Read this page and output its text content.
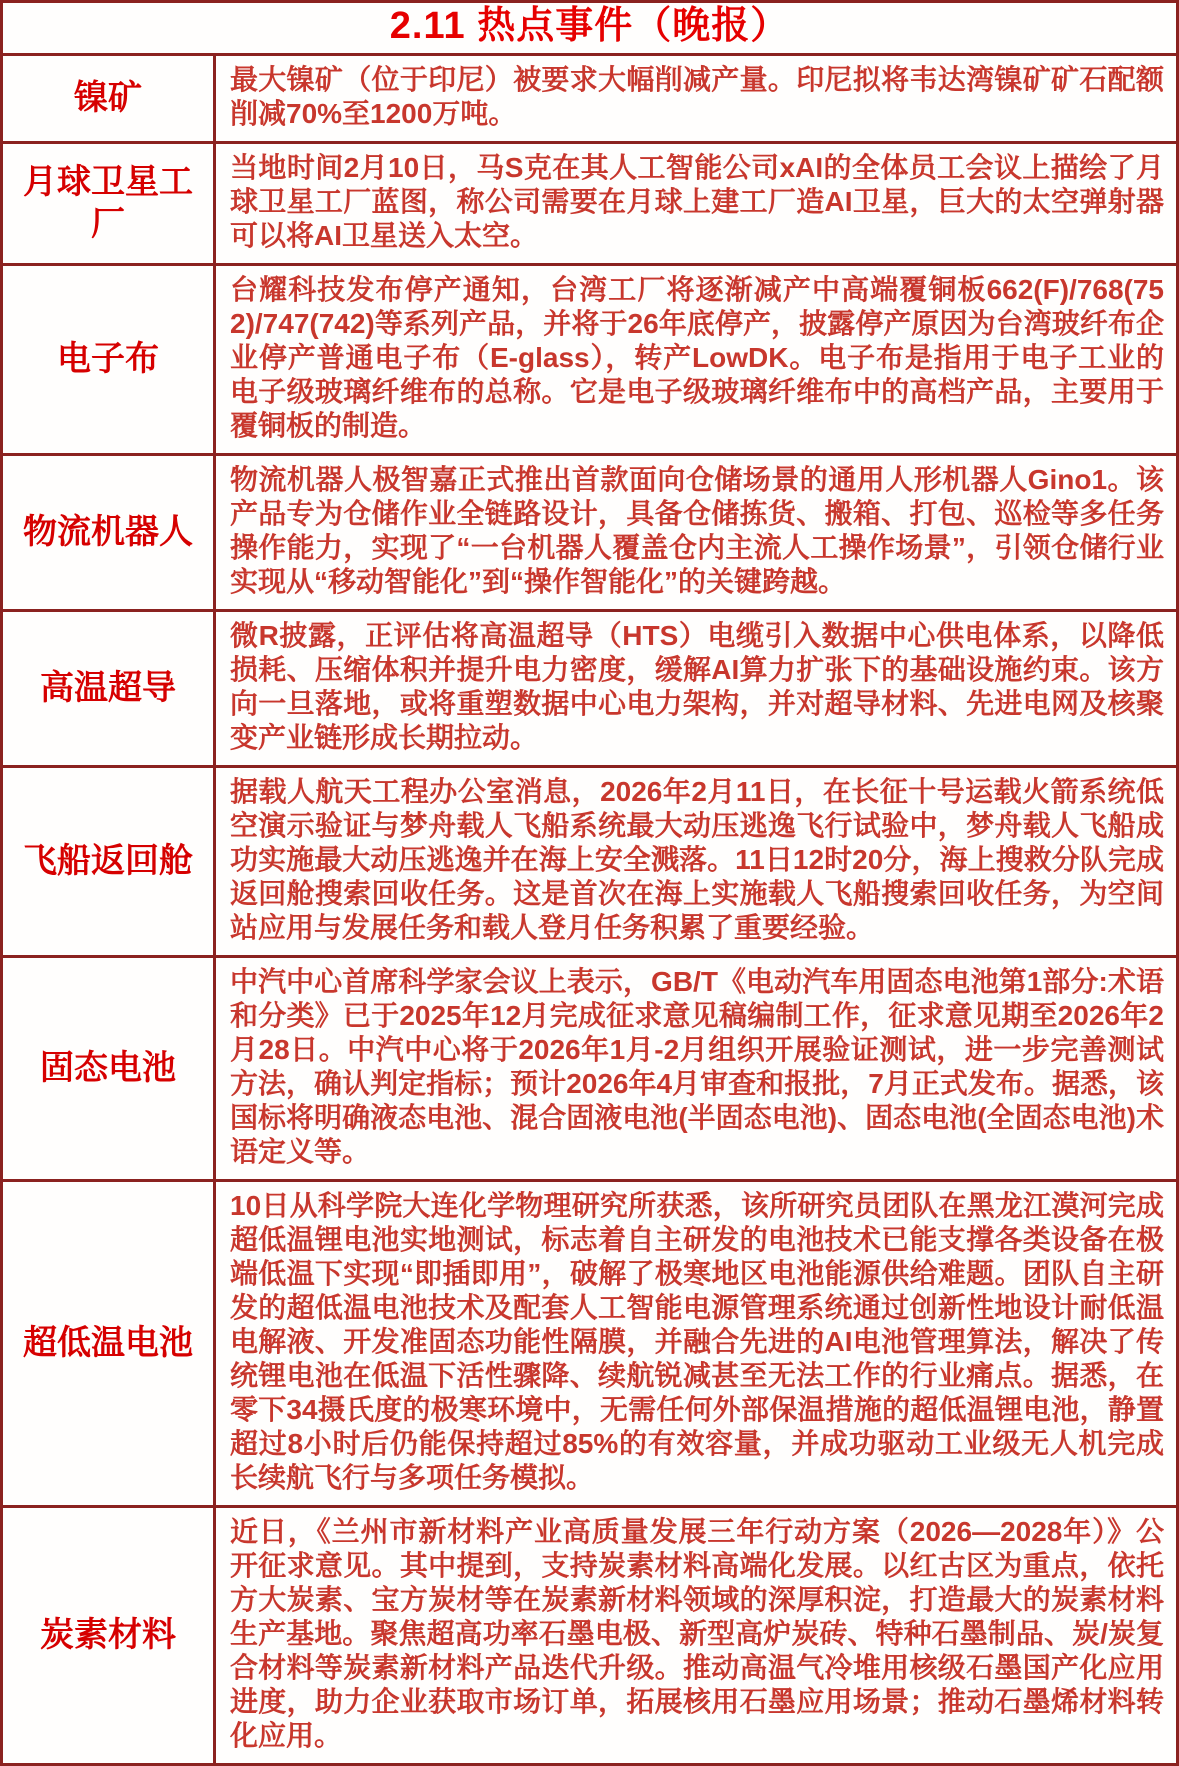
2.11 热点事件（晚报）
镍矿	最大镍矿（位于印尼）被要求大幅削减产量。印尼拟将韦达湾镍矿矿石配额削减70%至1200万吨。
月球卫星工厂
当地时间2月10日，马S克在其人工智能公司xAI的全体员工会议上描绘了月球卫星工厂蓝图，称公司需要在月球上建工厂造AI卫星，巨大的太空弹射器可以将AI卫星送入太空。
电子布
台耀科技发布停产通知，台湾工厂将逐渐减产中高端覆铜板662(F)/768(752)/747(742)等系列产品，并将于26年底停产，披露停产原因为台湾玻纤布企业停产普通电子布（E-glass），转产LowDK。电子布是指用于电子工业的电子级玻璃纤维布的总称。它是电子级玻璃纤维布中的高档产品，主要用于覆铜板的制造。
物流机器人
物流机器人极智嘉正式推出首款面向仓储场景的通用人形机器人Gino1。该产品专为仓储作业全链路设计，具备仓储拣货、搬箱、打包、巡检等多任务操作能力，实现了“一台机器人覆盖仓内主流人工操作场景”，引领仓储行业实现从“移动智能化”到“操作智能化”的关键跨越。
高温超导
微R披露，正评估将高温超导（HTS）电缆引入数据中心供电体系，以降低损耗、压缩体积并提升电力密度，缓解AI算力扩张下的基础设施约束。该方向一旦落地，或将重塑数据中心电力架构，并对超导材料、先进电网及核聚变产业链形成长期拉动。
飞船返回舱
据载人航天工程办公室消息，2026年2月11日，在长征十号运载火箭系统低空演示验证与梦舟载人飞船系统最大动压逃逸飞行试验中，梦舟载人飞船成功实施最大动压逃逸并在海上安全溅落。11日12时20分，海上搜救分队完成返回舱搜索回收任务。这是首次在海上实施载人飞船搜索回收任务，为空间站应用与发展任务和载人登月任务积累了重要经验。
固态电池
中汽中心首席科学家会议上表示，GB/T《电动汽车用固态电池第1部分:术语和分类》已于2025年12月完成征求意见稿编制工作，征求意见期至2026年2月28日。中汽中心将于2026年1月-2月组织开展验证测试，进一步完善测试方法，确认判定指标；预计2026年4月审查和报批，7月正式发布。据悉，该国标将明确液态电池、混合固液电池(半固态电池)、固态电池(全固态电池)术语定义等。
超低温电池
10日从科学院大连化学物理研究所获悉，该所研究员团队在黑龙江漠河完成超低温锂电池实地测试，标志着自主研发的电池技术已能支撑各类设备在极端低温下实现“即插即用”，破解了极寒地区电池能源供给难题。团队自主研发的超低温电池技术及配套人工智能电源管理系统通过创新性地设计耐低温电解液、开发准固态功能性隔膜，并融合先进的AI电池管理算法，解决了传统锂电池在低温下活性骤降、续航锐减甚至无法工作的行业痛点。据悉，在零下34摄氏度的极寒环境中，无需任何外部保温措施的超低温锂电池，静置超过8小时后仍能保持超过85%的有效容量，并成功驱动工业级无人机完成长续航飞行与多项任务模拟。
炭素材料
近日，《兰州市新材料产业高质量发展三年行动方案（2026—2028年）》公开征求意见。其中提到，支持炭素材料高端化发展。以红古区为重点，依托方大炭素、宝方炭材等在炭素新材料领域的深厚积淀，打造最大的炭素材料生产基地。聚焦超高功率石墨电极、新型高炉炭砖、特种石墨制品、炭/炭复合材料等炭素新材料产品迭代升级。推动高温气冷堆用核级石墨国产化应用进度，助力企业获取市场订单，拓展核用石墨应用场景；推动石墨烯材料转化应用。
